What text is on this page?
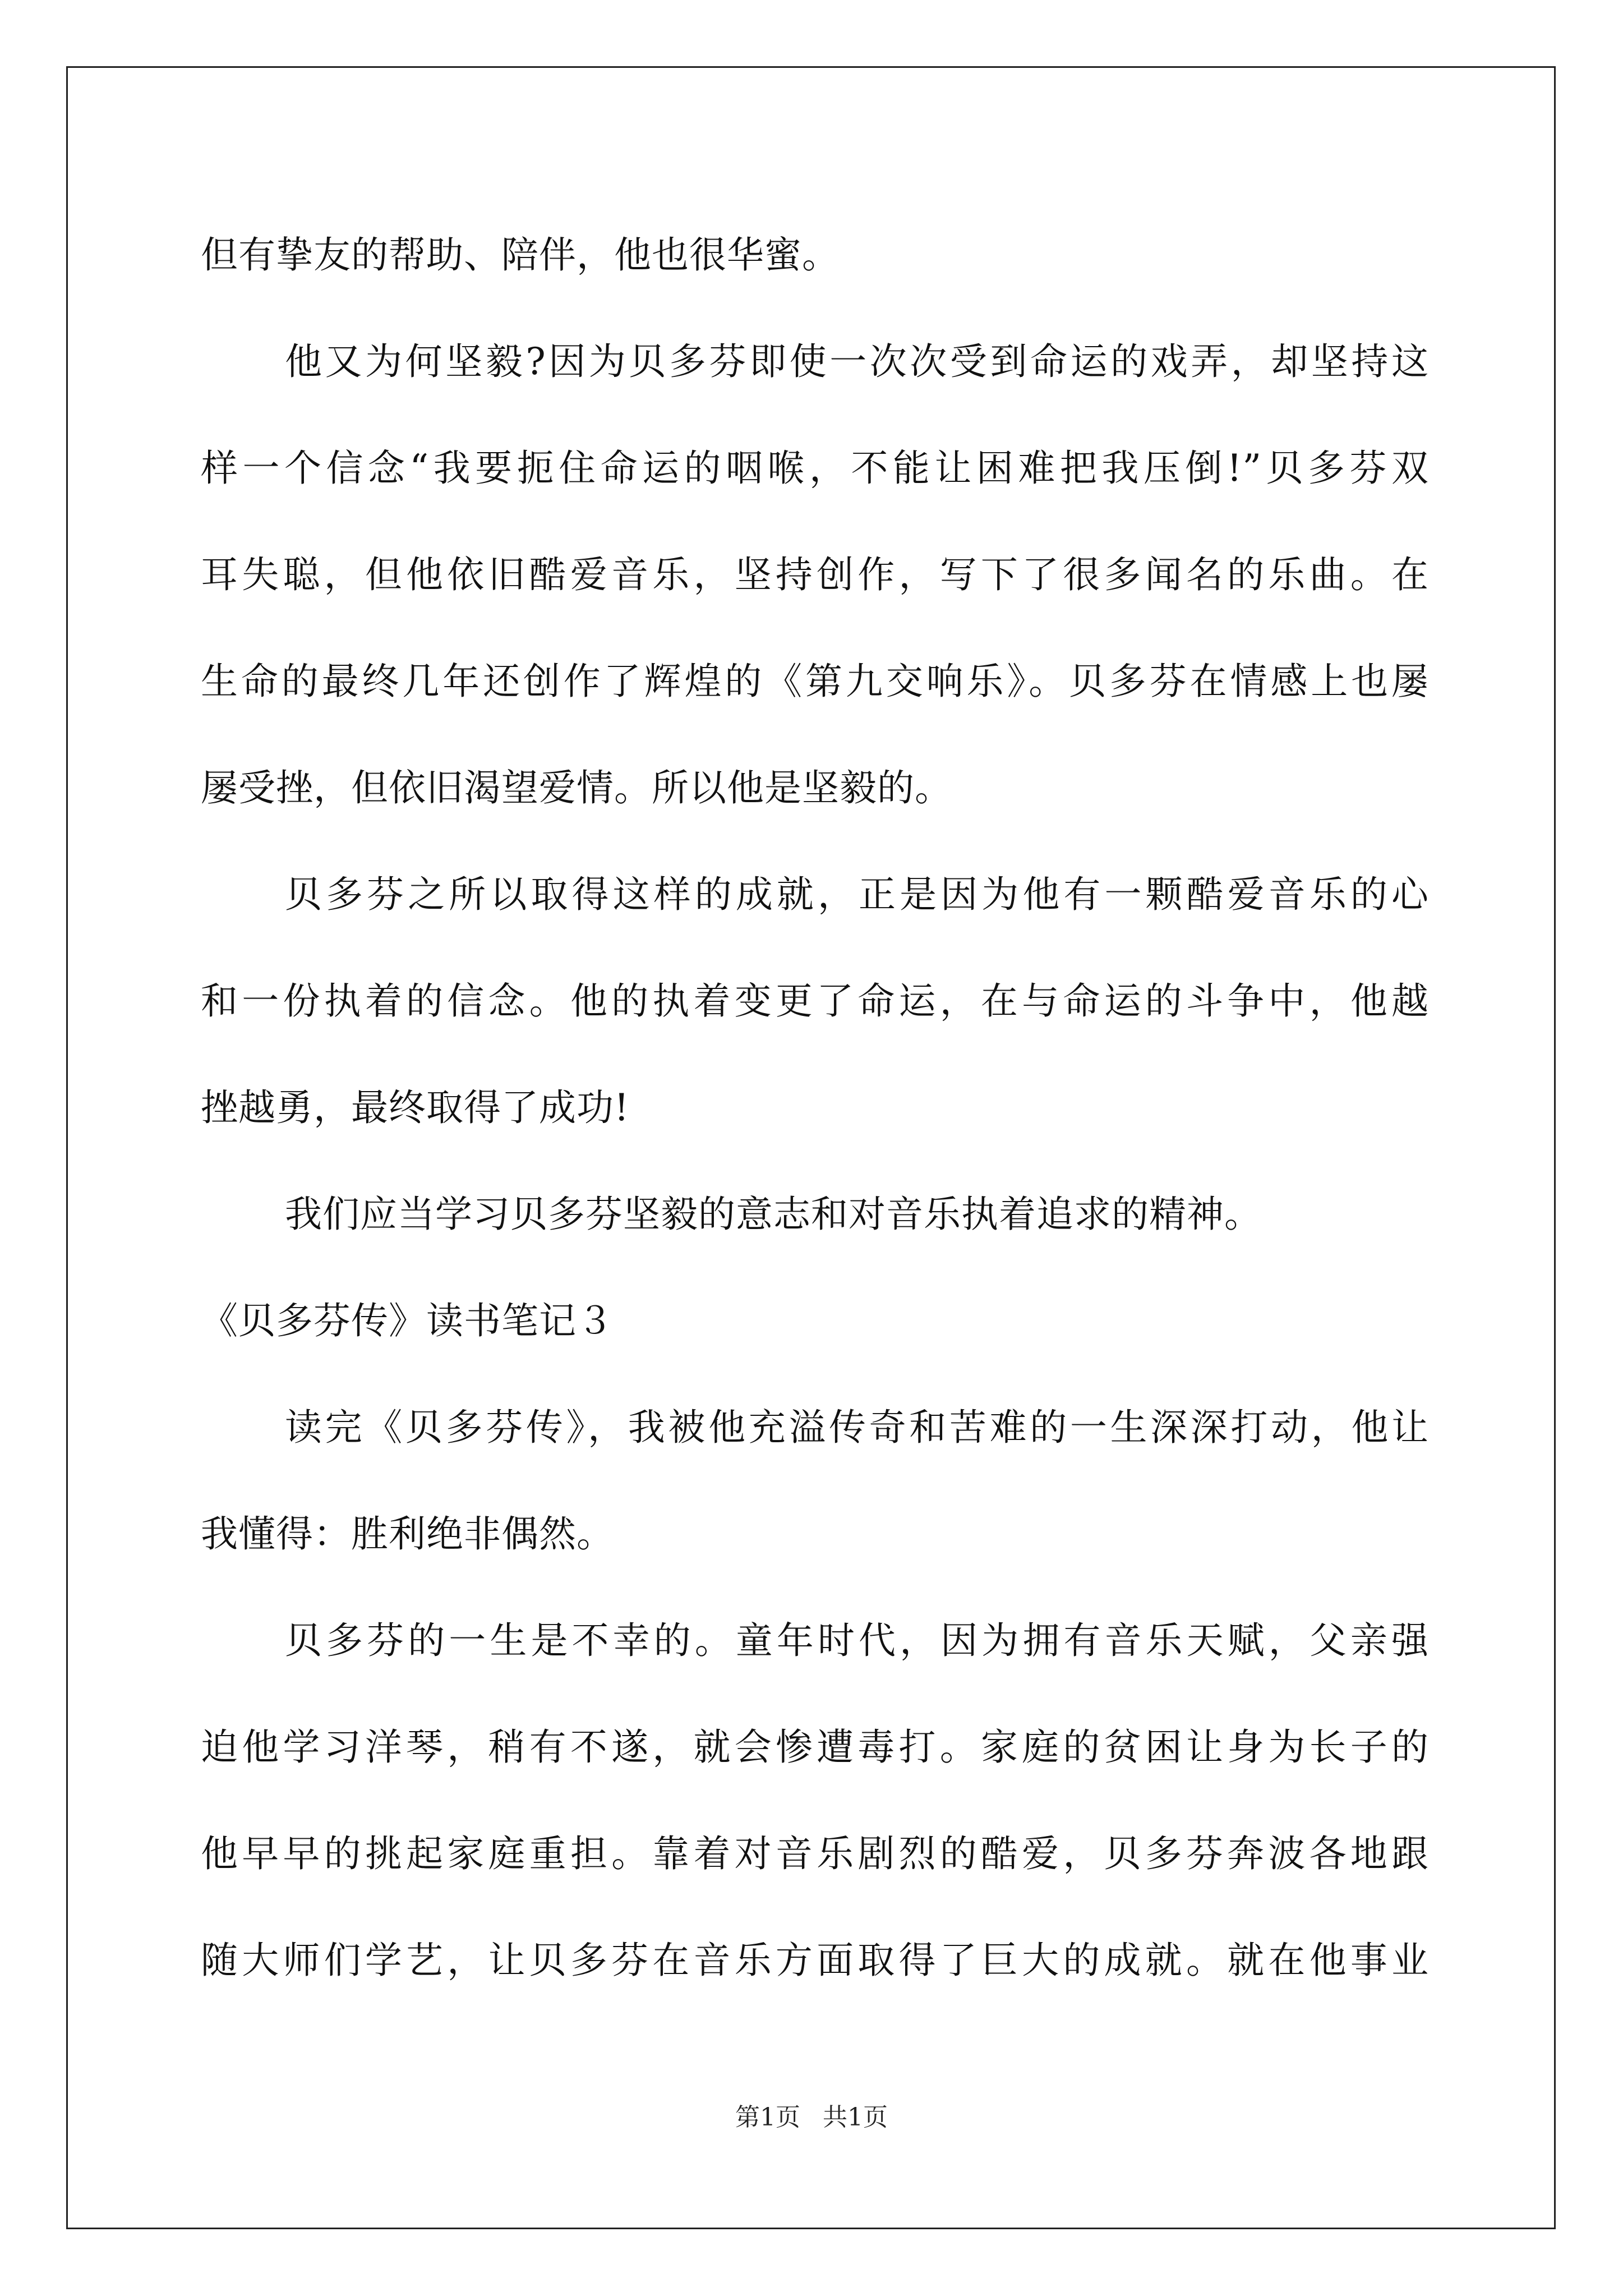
但有挚友的帮助、陪伴，他也很华蜜。
他又为何坚毅?因为贝多芬即使一次次受到命运的戏弄，却坚持这
样一个信念“我要扼住命运的咽喉，不能让困难把我压倒!”贝多芬双
耳失聪，但他依旧酷爱音乐，坚持创作，写下了很多闻名的乐曲。在
生命的最终几年还创作了辉煌的《第九交响乐》。贝多芬在情感上也屡
屡受挫，但依旧渴望爱情。所以他是坚毅的。
贝多芬之所以取得这样的成就，正是因为他有一颗酷爱音乐的心
和一份执着的信念。他的执着变更了命运，在与命运的斗争中，他越
挫越勇，最终取得了成功!
我们应当学习贝多芬坚毅的意志和对音乐执着追求的精神。
《贝多芬传》读书笔记３
读完《贝多芬传》，我被他充溢传奇和苦难的一生深深打动，他让
我懂得：胜利绝非偶然。
贝多芬的一生是不幸的。童年时代，因为拥有音乐天赋，父亲强
迫他学习洋琴，稍有不遂，就会惨遭毒打。家庭的贫困让身为长子的
他早早的挑起家庭重担。靠着对音乐剧烈的酷爱，贝多芬奔波各地跟
随大师们学艺，让贝多芬在音乐方面取得了巨大的成就。就在他事业
第1页 共1页
